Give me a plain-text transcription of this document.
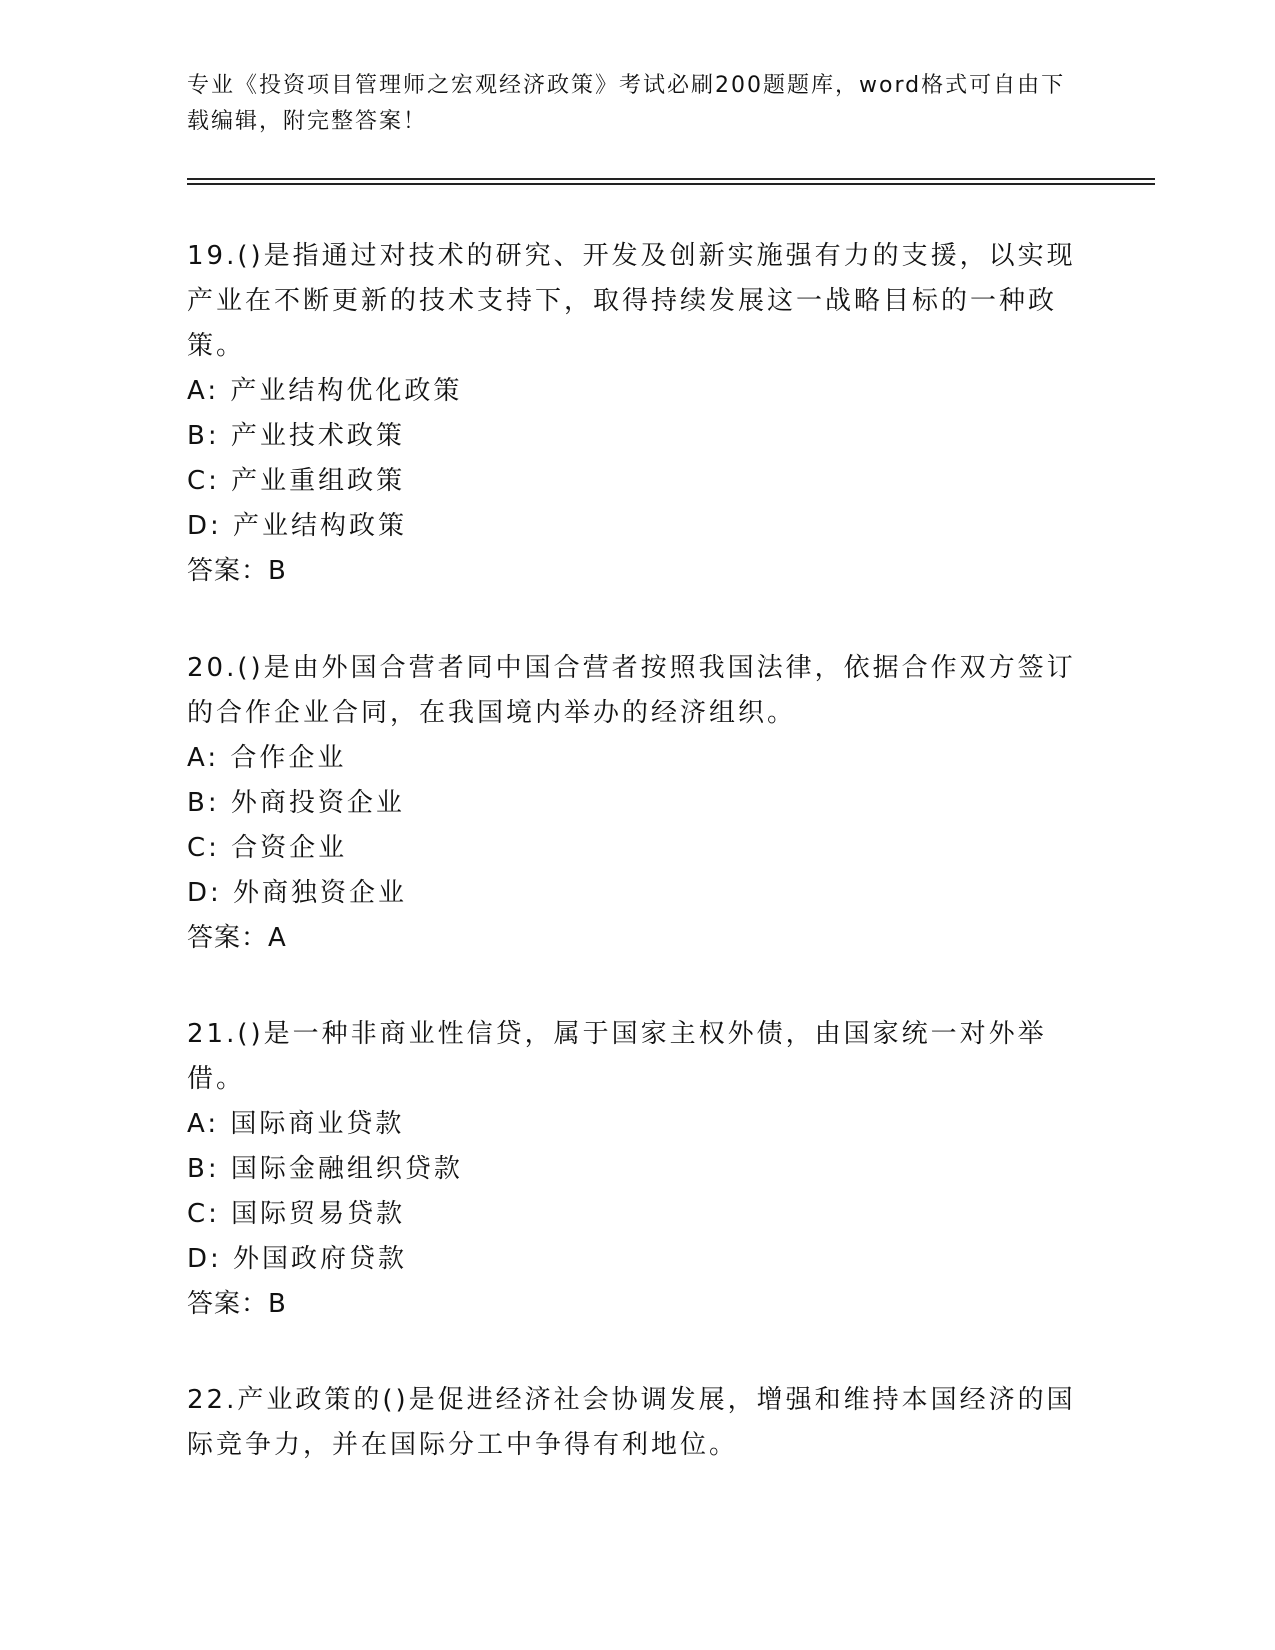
专业《投资项目管理师之宏观经济政策》考试必刷200题题库，word格式可自由下载编辑，附完整答案！

19.()是指通过对技术的研究、开发及创新实施强有力的支援，以实现产业在不断更新的技术支持下，取得持续发展这一战略目标的一种政策。

A: 产业结构优化政策

B: 产业技术政策

C: 产业重组政策

D: 产业结构政策

答案：B

20.()是由外国合营者同中国合营者按照我国法律，依据合作双方签订的合作企业合同，在我国境内举办的经济组织。

A: 合作企业

B: 外商投资企业

C: 合资企业

D: 外商独资企业

答案：A

21.()是一种非商业性信贷，属于国家主权外债，由国家统一对外举借。

A: 国际商业贷款

B: 国际金融组织贷款

C: 国际贸易贷款

D: 外国政府贷款

答案：B

22.产业政策的()是促进经济社会协调发展，增强和维持本国经济的国际竞争力，并在国际分工中争得有利地位。
